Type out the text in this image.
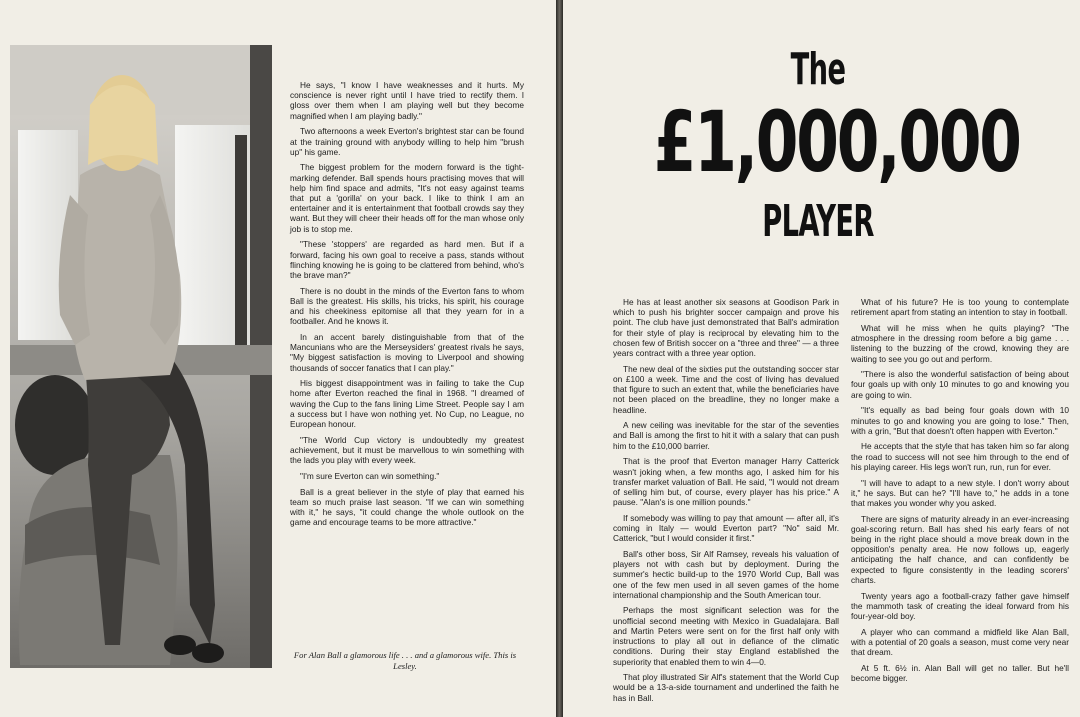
He says, "I know I have weaknesses and it hurts. My conscience is never right until I have tried to rectify them. I gloss over them when I am playing well but they become magnified when I am playing badly."

Two afternoons a week Everton's brightest star can be found at the training ground with anybody willing to help him "brush up" his game.

The biggest problem for the modern forward is the tight-marking defender. Ball spends hours practising moves that will help him find space and admits, "It's not easy against teams that put a 'gorilla' on your back. I like to think I am an entertainer and it is entertainment that football crowds say they want. But they will cheer their heads off for the man whose only job is to stop me.

"These 'stoppers' are regarded as hard men. But if a forward, facing his own goal to receive a pass, stands without flinching knowing he is going to be clattered from behind, who's the brave man?"

There is no doubt in the minds of the Everton fans to whom Ball is the greatest. His skills, his tricks, his spirit, his courage and his cheekiness epitomise all that they yearn for in a footballer. And he knows it.

In an accent barely distinguishable from that of the Mancunians who are the Merseysiders' greatest rivals he says, "My biggest satisfaction is moving to Liverpool and showing thousands of soccer fanatics that I can play."

His biggest disappointment was in failing to take the Cup home after Everton reached the final in 1968. "I dreamed of waving the Cup to the fans lining Lime Street. People say I am a success but I have won nothing yet. No Cup, no League, no European honour.

"The World Cup victory is undoubtedly my greatest achievement, but it must be marvellous to win something with the lads you play with every week.

"I'm sure Everton can win something."

Ball is a great believer in the style of play that earned his team so much praise last season. "If we can win something with it," he says, "it could change the whole outlook on the game and encourage teams to be more attractive."

For Alan Ball a glamorous life . . . and a glamorous wife. This is Lesley.
The
£1,000,000
PLAYER

He has at least another six seasons at Goodison Park in which to push his brighter soccer campaign and prove his point. The club have just demonstrated that Ball's admiration for their style of play is reciprocal by elevating him to the chosen few of British soccer on a "three and three" — a three years contract with a three year option.

The new deal of the sixties put the outstanding soccer star on £100 a week. Time and the cost of living has devalued that figure to such an extent that, while the beneficiaries have not been placed on the breadline, they no longer make a headline.

A new ceiling was inevitable for the star of the seventies and Ball is among the first to hit it with a salary that can push him to the £10,000 barrier.

That is the proof that Everton manager Harry Catterick wasn't joking when, a few months ago, I asked him for his transfer market valuation of Ball. He said, "I would not dream of selling him but, of course, every player has his price." A pause. "Alan's is one million pounds."

If somebody was willing to pay that amount — after all, it's coming in Italy — would Everton part? "No" said Mr. Catterick, "but I would consider it first."

Ball's other boss, Sir Alf Ramsey, reveals his valuation of players not with cash but by deployment. During the summer's hectic build-up to the 1970 World Cup, Ball was one of the few men used in all seven games of the home international championship and the South American tour.

Perhaps the most significant selection was for the unofficial second meeting with Mexico in Guadalajara. Ball and Martin Peters were sent on for the first half only with instructions to play all out in defiance of the climatic conditions. During their stay England established the superiority that enabled them to win 4—0.

That ploy illustrated Sir Alf's statement that the World Cup would be a 13-a-side tournament and underlined the faith he has in Ball.

What of his future? He is too young to contemplate retirement apart from stating an intention to stay in football.

What will he miss when he quits playing? "The atmosphere in the dressing room before a big game . . . listening to the buzzing of the crowd, knowing they are waiting to see you go out and perform.

"There is also the wonderful satisfaction of being about four goals up with only 10 minutes to go and knowing you are going to win.

"It's equally as bad being four goals down with 10 minutes to go and knowing you are going to lose." Then, with a grin, "But that doesn't often happen with Everton."

He accepts that the style that has taken him so far along the road to success will not see him through to the end of his playing career. His legs won't run, run, run for ever.

"I will have to adapt to a new style. I don't worry about it," he says. But can he? "I'll have to," he adds in a tone that makes you wonder why you asked.

There are signs of maturity already in an ever-increasing goal-scoring return. Ball has shed his early fears of not being in the right place should a move break down in the opposition's penalty area. He now follows up, eagerly anticipating the half chance, and can confidently be expected to figure consistently in the leading scorers' charts.

Twenty years ago a football-crazy father gave himself the mammoth task of creating the ideal forward from his four-year-old boy.

A player who can command a midfield like Alan Ball, with a potential of 20 goals a season, must come very near that dream.

At 5 ft. 6½ in. Alan Ball will get no taller. But he'll become bigger.
